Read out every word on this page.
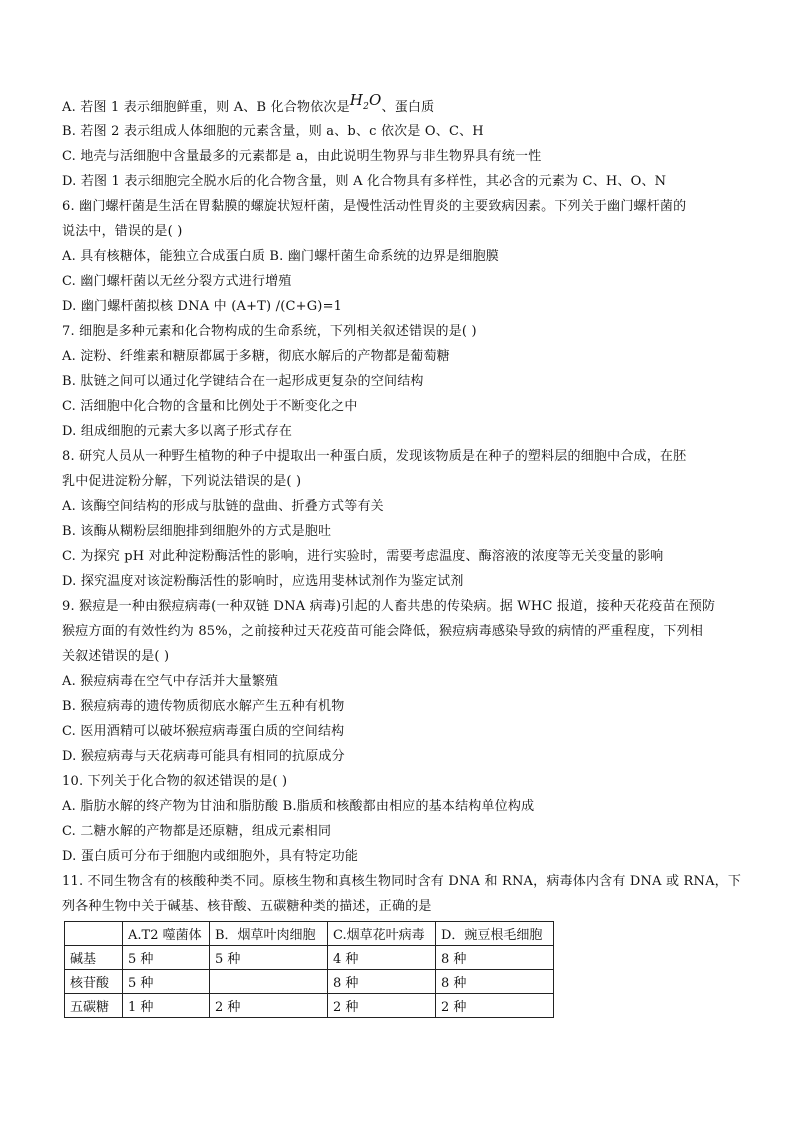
A. 若图 1 表示细胞鲜重，则 A、B 化合物依次是$H_2O$、蛋白质
B. 若图 2 表示组成人体细胞的元素含量，则 a、b、c 依次是 O、C、H
C. 地壳与活细胞中含量最多的元素都是 a，由此说明生物界与非生物界具有统一性
D. 若图 1 表示细胞完全脱水后的化合物含量，则 A 化合物具有多样性，其必含的元素为 C、H、O、N
6. 幽门螺杆菌是生活在胃黏膜的螺旋状短杆菌，是慢性活动性胃炎的主要致病因素。下列关于幽门螺杆菌的
说法中，错误的是( )
A. 具有核糖体，能独立合成蛋白质 B. 幽门螺杆菌生命系统的边界是细胞膜
C. 幽门螺杆菌以无丝分裂方式进行增殖
D. 幽门螺杆菌拟核 DNA 中 (A+T) /(C+G)=1
7. 细胞是多种元素和化合物构成的生命系统，下列相关叙述错误的是( )
A. 淀粉、纤维素和糖原都属于多糖，彻底水解后的产物都是葡萄糖
B. 肽链之间可以通过化学键结合在一起形成更复杂的空间结构
C. 活细胞中化合物的含量和比例处于不断变化之中
D. 组成细胞的元素大多以离子形式存在
8. 研究人员从一种野生植物的种子中提取出一种蛋白质，发现该物质是在种子的塑料层的细胞中合成，在胚
乳中促进淀粉分解，下列说法错误的是( )
A. 该酶空间结构的形成与肽链的盘曲、折叠方式等有关
B. 该酶从糊粉层细胞排到细胞外的方式是胞吐
C. 为探究 pH 对此种淀粉酶活性的影响，进行实验时，需要考虑温度、酶溶液的浓度等无关变量的影响
D. 探究温度对该淀粉酶活性的影响时，应选用斐林试剂作为鉴定试剂
9. 猴痘是一种由猴痘病毒(一种双链 DNA 病毒)引起的人畜共患的传染病。据 WHC 报道，接种天花疫苗在预防
猴痘方面的有效性约为 85%，之前接种过天花疫苗可能会降低，猴痘病毒感染导致的病情的严重程度，下列相
关叙述错误的是( )
A. 猴痘病毒在空气中存活并大量繁殖
B. 猴痘病毒的遗传物质彻底水解产生五种有机物
C. 医用酒精可以破坏猴痘病毒蛋白质的空间结构
D. 猴痘病毒与天花病毒可能具有相同的抗原成分
10. 下列关于化合物的叙述错误的是( )
A. 脂肪水解的终产物为甘油和脂肪酸 B.脂质和核酸都由相应的基本结构单位构成
C. 二糖水解的产物都是还原糖，组成元素相同
D. 蛋白质可分布于细胞内或细胞外，具有特定功能
11. 不同生物含有的核酸种类不同。原核生物和真核生物同时含有 DNA 和 RNA，病毒体内含有 DNA 或 RNA，下
列各种生物中关于碱基、核苷酸、五碳糖种类的描述，正确的是
	A.T2 噬菌体	B．烟草叶肉细胞	C.烟草花叶病毒	D．豌豆根毛细胞
碱基	5 种	5 种	4 种	8 种
核苷酸	5 种		8 种	8 种
五碳糖	1 种	2 种	2 种	2 种
